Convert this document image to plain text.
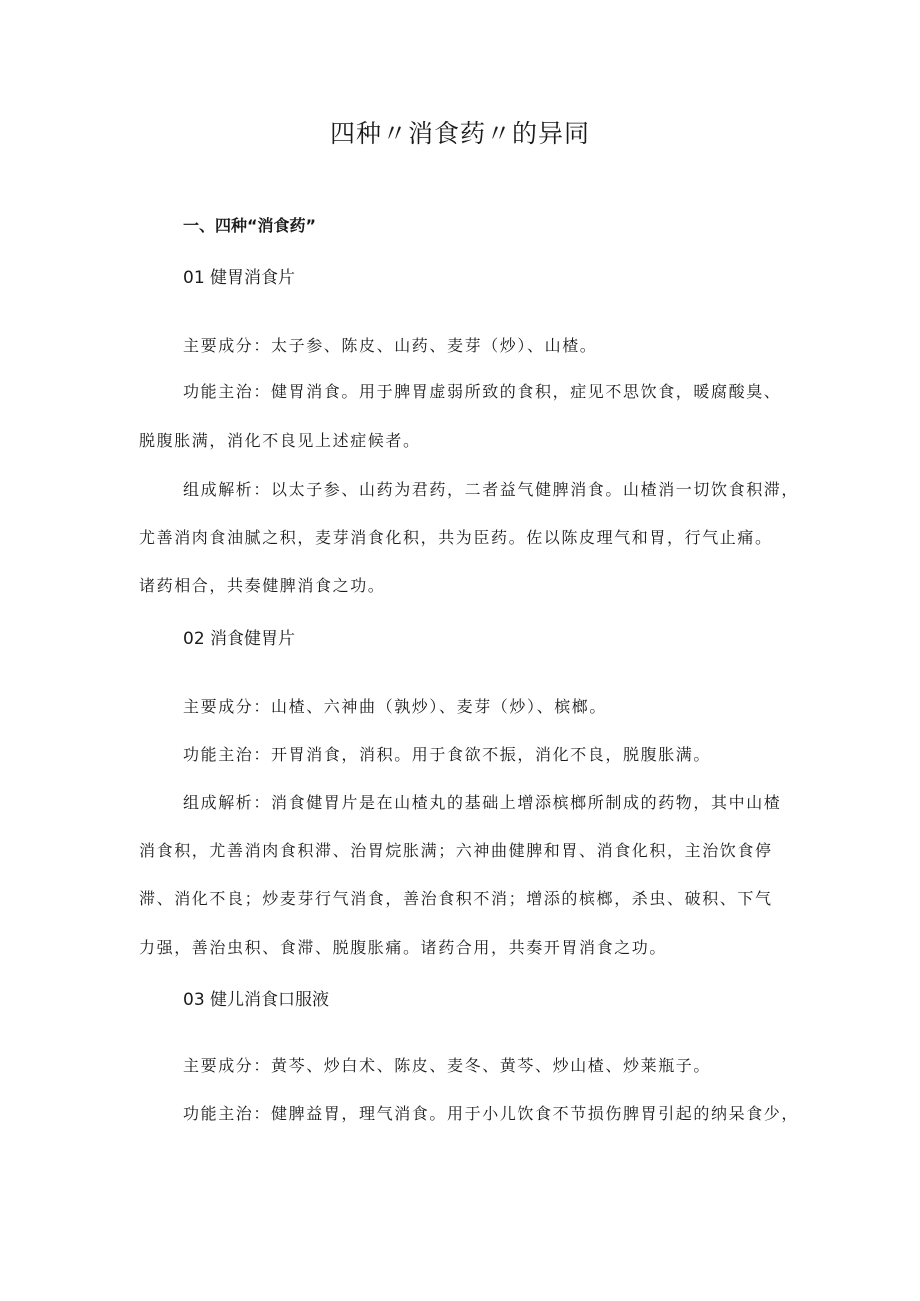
四种〃消食药〃的异同
一、四种“消食药”
01 健胃消食片

主要成分：太子参、陈皮、山药、麦芽（炒）、山楂。

功能主治：健胃消食。用于脾胃虚弱所致的食积，症见不思饮食，暖腐酸臭、

脱腹胀满，消化不良见上述症候者。

组成解析：以太子参、山药为君药，二者益气健脾消食。山楂消一切饮食积滞，

尤善消肉食油腻之积，麦芽消食化积，共为臣药。佐以陈皮理气和胃，行气止痛。

诸药相合，共奏健脾消食之功。

02 消食健胃片

主要成分：山楂、六神曲（孰炒）、麦芽（炒）、槟榔。

功能主治：开胃消食，消积。用于食欲不振，消化不良，脱腹胀满。

组成解析：消食健胃片是在山楂丸的基础上增添槟榔所制成的药物，其中山楂

消食积，尤善消肉食积滞、治胃烷胀满；六神曲健脾和胃、消食化积，主治饮食停

滞、消化不良；炒麦芽行气消食，善治食积不消；增添的槟榔，杀虫、破积、下气

力强，善治虫积、食滞、脱腹胀痛。诸药合用，共奏开胃消食之功。

03 健儿消食口服液

主要成分：黄芩、炒白术、陈皮、麦冬、黄芩、炒山楂、炒莱瓶子。

功能主治：健脾益胃，理气消食。用于小儿饮食不节损伤脾胃引起的纳呆食少，
